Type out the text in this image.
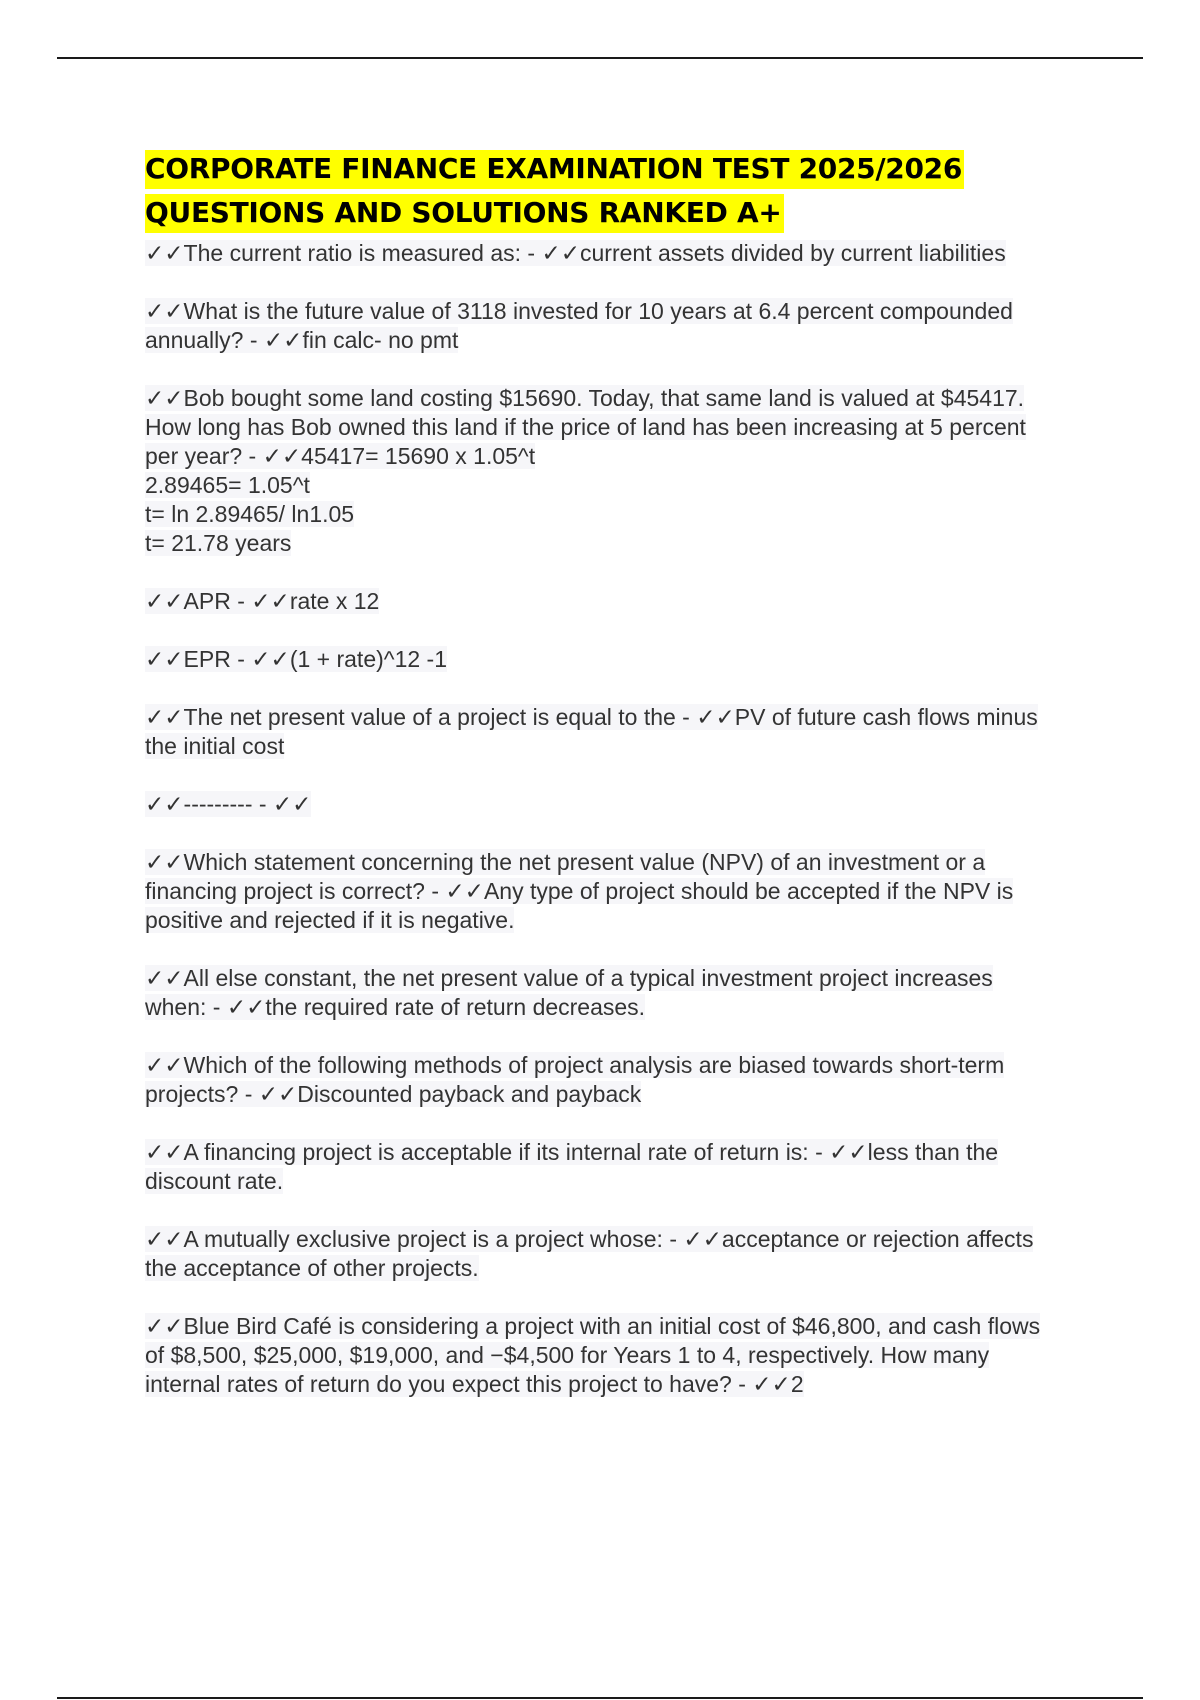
CORPORATE FINANCE EXAMINATION TEST 2025/2026
QUESTIONS AND SOLUTIONS RANKED A+

✓✓The current ratio is measured as: - ✓✓current assets divided by current liabilities

✓✓What is the future value of 3118 invested for 10 years at 6.4 percent compounded
annually? - ✓✓fin calc- no pmt

✓✓Bob bought some land costing $15690. Today, that same land is valued at $45417.
How long has Bob owned this land if the price of land has been increasing at 5 percent
per year? - ✓✓45417= 15690 x 1.05^t
2.89465= 1.05^t
t= ln 2.89465/ ln1.05
t= 21.78 years

✓✓APR - ✓✓rate x 12

✓✓EPR - ✓✓(1 + rate)^12 -1

✓✓The net present value of a project is equal to the - ✓✓PV of future cash flows minus
the initial cost

✓✓--------- - ✓✓

✓✓Which statement concerning the net present value (NPV) of an investment or a
financing project is correct? - ✓✓Any type of project should be accepted if the NPV is
positive and rejected if it is negative.

✓✓All else constant, the net present value of a typical investment project increases
when: - ✓✓the required rate of return decreases.

✓✓Which of the following methods of project analysis are biased towards short-term
projects? - ✓✓Discounted payback and payback

✓✓A financing project is acceptable if its internal rate of return is: - ✓✓less than the
discount rate.

✓✓A mutually exclusive project is a project whose: - ✓✓acceptance or rejection affects
the acceptance of other projects.

✓✓Blue Bird Café is considering a project with an initial cost of $46,800, and cash flows
of $8,500, $25,000, $19,000, and −$4,500 for Years 1 to 4, respectively. How many
internal rates of return do you expect this project to have? - ✓✓2
